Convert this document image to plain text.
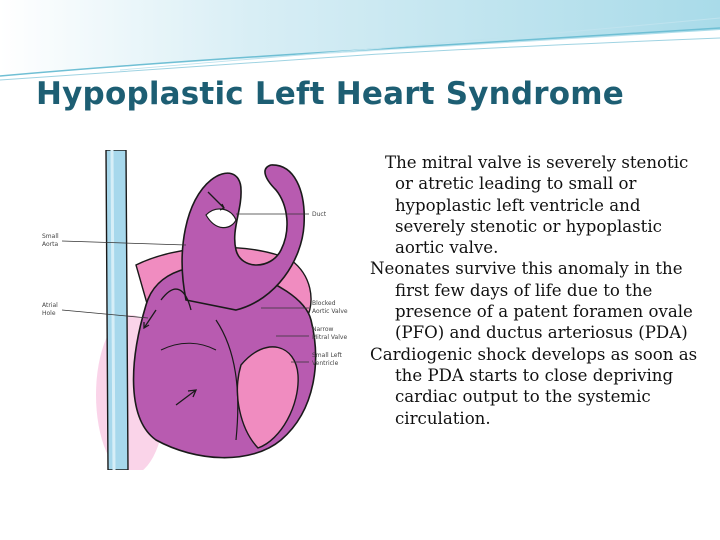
Hypoplastic Left Heart Syndrome
Small
Aorta
Atrial
Hole
Duct
Blocked
Aortic Valve
Narrow
Mitral Valve
Small Left
Ventricle

The mitral valve is severely stenotic or atretic leading to small or hypoplastic left ventricle and severely stenotic or hypoplastic aortic valve.

Neonates survive this anomaly in the first few days of life due to the presence of a patent foramen ovale (PFO) and ductus arteriosus (PDA)

Cardiogenic shock develops as soon as the PDA starts to close depriving cardiac output to the systemic circulation.
